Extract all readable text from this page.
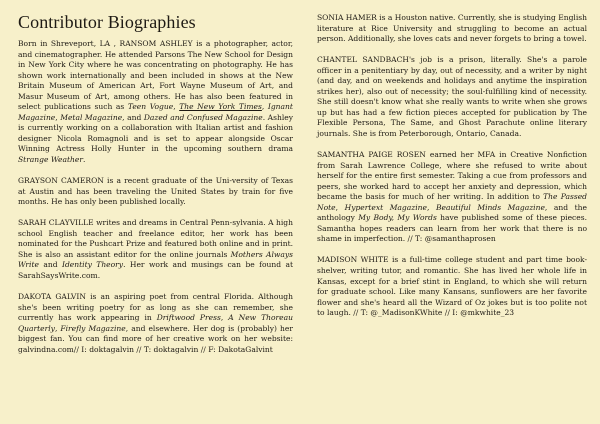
Contributor Biographies

Born in Shreveport, LA , RANSOM ASHLEY is a photographer, actor, and cinematographer. He attended Parsons The New School for Design in New York City where he was concentrating on photography. He has shown work internationally and been included in shows at the New Britain Museum of American Art, Fort Wayne Museum of Art, and Masur Museum of Art, among others. He has also been featured in select publications such as Teen Vogue, The New York Times, Ignant Magazine, Metal Magazine, and Dazed and Confused Magazine. Ashley is currently working on a collaboration with Italian artist and fashion designer Nicola Romagnoli and is set to appear alongside Oscar Winning Actress Holly Hunter in the upcoming southern drama Strange Weather.

GRAYSON CAMERON is a recent graduate of the Uni-versity of Texas at Austin and has been traveling the United States by train for five months. He has only been published locally.

SARAH CLAYVILLE writes and dreams in Central Penn-sylvania. A high school English teacher and freelance editor, her work has been nominated for the Pushcart Prize and featured both online and in print. She is also an assistant editor for the online journals Mothers Always Write and Identity Theory. Her work and musings can be found at SarahSaysWrite.com.

DAKOTA GALVIN is an aspiring poet from central Florida. Although she's been writing poetry for as long as she can remember, she currently has work appearing in Driftwood Press, A New Thoreau Quarterly, Firefly Magazine, and elsewhere. Her dog is (probably) her biggest fan. You can find more of her creative work on her website: galvindna.com// I: doktagalvin // T: doktagalvin // F: DakotaGalvint

SONIA HAMER is a Houston native. Currently, she is studying English literature at Rice University and struggling to become an actual person. Additionally, she loves cats and never forgets to bring a towel.

CHANTEL SANDBACH's job is a prison, literally. She's a parole officer in a penitentiary by day, out of necessity, and a writer by night (and day, and on weekends and holidays and anytime the inspiration strikes her), also out of necessity; the soul-fulfilling kind of necessity. She still doesn't know what she really wants to write when she grows up but has had a few fiction pieces accepted for publication by The Flexible Persona, The Same, and Ghost Parachute online literary journals. She is from Peterborough, Ontario, Canada.

SAMANTHA PAIGE ROSEN earned her MFA in Creative Nonfiction from Sarah Lawrence College, where she refused to write about herself for the entire first semester. Taking a cue from professors and peers, she worked hard to accept her anxiety and depression, which became the basis for much of her writing. In addition to The Passed Note, Hypertext Magazine, Beautiful Minds Magazine, and the anthology My Body, My Words have published some of these pieces. Samantha hopes readers can learn from her work that there is no shame in imperfection. // T: @samanthaprosen

MADISON WHITE is a full-time college student and part time book-shelver, writing tutor, and romantic. She has lived her whole life in Kansas, except for a brief stint in England, to which she will return for graduate school. Like many Kansans, sunflowers are her favorite flower and she's heard all the Wizard of Oz jokes but is too polite not to laugh. // T: @_MadisonKWhite // I: @mkwhite_23
